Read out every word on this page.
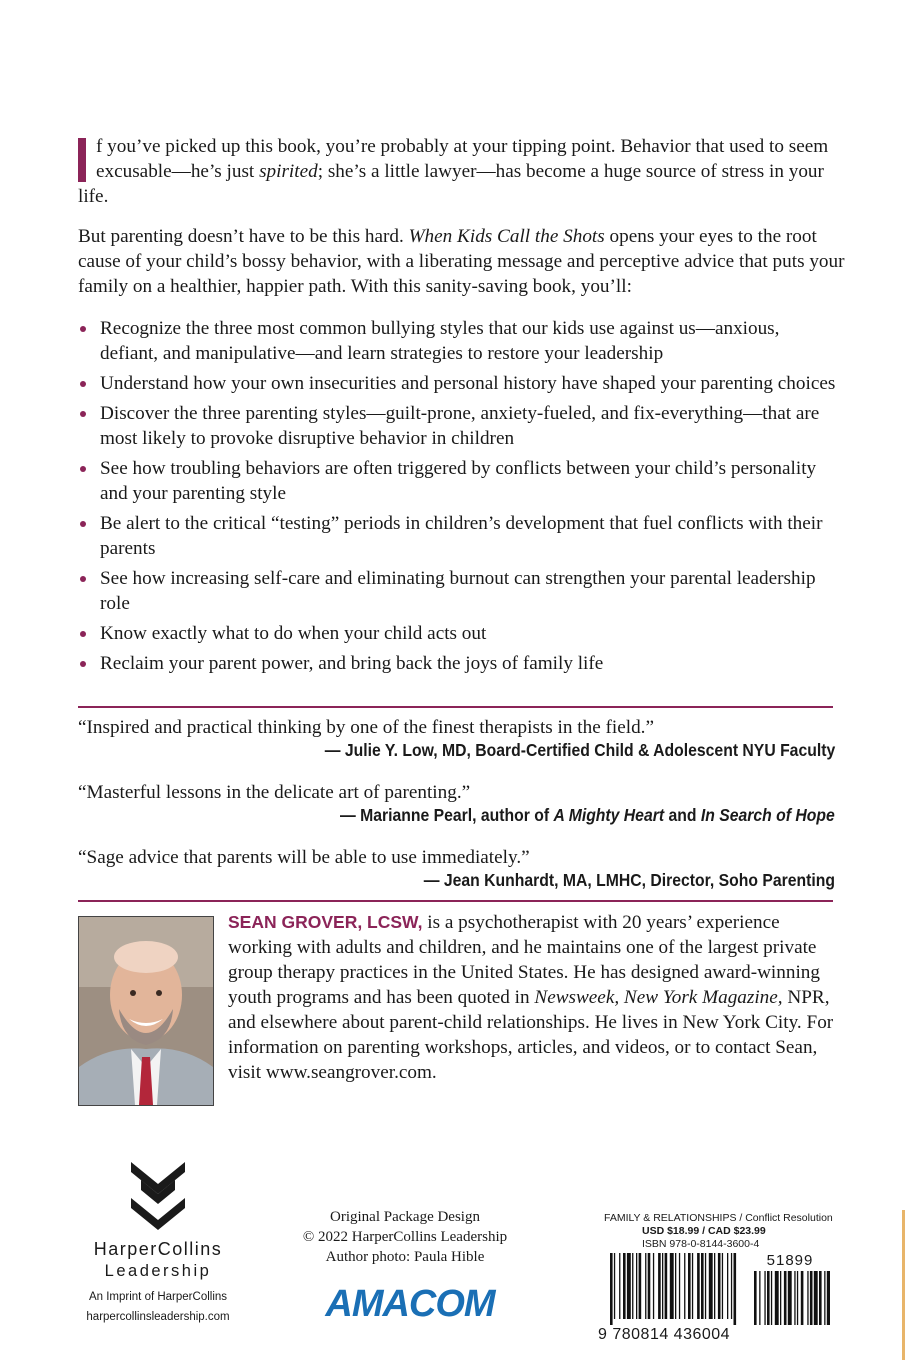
f you’ve picked up this book, you’re probably at your tipping point. Behavior that used to seem excusable—he’s just spirited; she’s a little lawyer—has become a huge source of stress in your life.
But parenting doesn’t have to be this hard. When Kids Call the Shots opens your eyes to the root cause of your child’s bossy behavior, with a liberating message and perceptive advice that puts your family on a healthier, happier path. With this sanity-saving book, you’ll:
Recognize the three most common bullying styles that our kids use against us—anxious, defiant, and manipulative—and learn strategies to restore your leadership
Understand how your own insecurities and personal history have shaped your parenting choices
Discover the three parenting styles—guilt-prone, anxiety-fueled, and fix-everything—that are most likely to provoke disruptive behavior in children
See how troubling behaviors are often triggered by conflicts between your child’s personality and your parenting style
Be alert to the critical “testing” periods in children’s development that fuel conflicts with their parents
See how increasing self-care and eliminating burnout can strengthen your parental leadership role
Know exactly what to do when your child acts out
Reclaim your parent power, and bring back the joys of family life
“Inspired and practical thinking by one of the finest therapists in the field.”
— Julie Y. Low, MD, Board-Certified Child & Adolescent NYU Faculty
“Masterful lessons in the delicate art of parenting.”
— Marianne Pearl, author of A Mighty Heart and In Search of Hope
“Sage advice that parents will be able to use immediately.”
— Jean Kunhardt, MA, LMHC, Director, Soho Parenting
SEAN GROVER, LCSW, is a psychotherapist with 20 years’ experience working with adults and children, and he maintains one of the largest private group therapy practices in the United States. He has designed award-winning youth programs and has been quoted in Newsweek, New York Magazine, NPR, and elsewhere about parent-child relationships. He lives in New York City. For information on parenting workshops, articles, and videos, or to contact Sean, visit www.seangrover.com.
HarperCollins
Leadership
An Imprint of HarperCollins
harpercollinsleadership.com
Original Package Design
© 2022 HarperCollins Leadership
Author photo: Paula Hible
AMACOM
FAMILY & RELATIONSHIPS / Conflict Resolution
USD $18.99 / CAD $23.99
ISBN 978-0-8144-3600-4
51899
9 780814 436004
